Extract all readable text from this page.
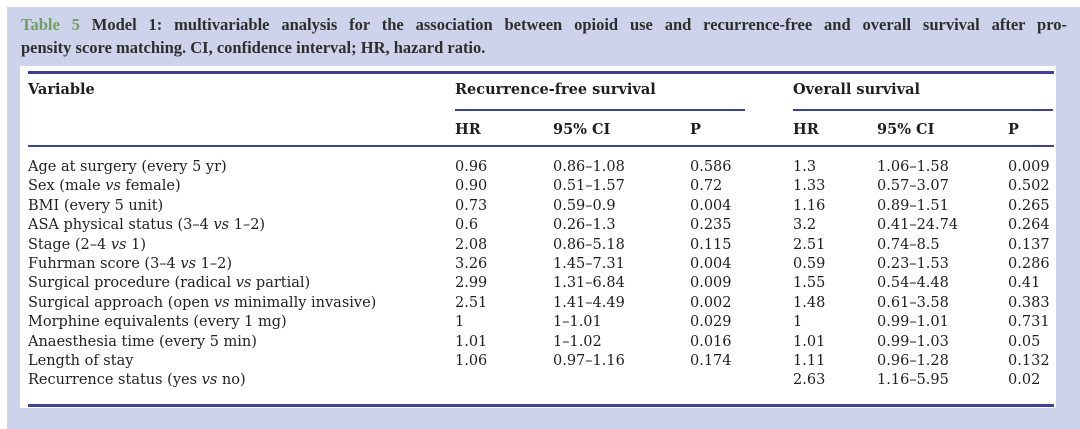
Table 5 Model 1: multivariable analysis for the association between opioid use and recurrence-free and overall survival after pro-
pensity score matching. CI, confidence interval; HR, hazard ratio.
Variable	Recurrence-free survival			Overall survival		

	HR	95% CI	P	HR	95% CI	P
Age at surgery (every 5 yr)	0.96	0.86–1.08	0.586	1.3	1.06–1.58	0.009
Sex (male vs female)	0.90	0.51–1.57	0.72	1.33	0.57–3.07	0.502
BMI (every 5 unit)	0.73	0.59–0.9	0.004	1.16	0.89–1.51	0.265
ASA physical status (3–4 vs 1–2)	0.6	0.26–1.3	0.235	3.2	0.41–24.74	0.264
Stage (2–4 vs 1)	2.08	0.86–5.18	0.115	2.51	0.74–8.5	0.137
Fuhrman score (3–4 vs 1–2)	3.26	1.45–7.31	0.004	0.59	0.23–1.53	0.286
Surgical procedure (radical vs partial)	2.99	1.31–6.84	0.009	1.55	0.54–4.48	0.41
Surgical approach (open vs minimally invasive)	2.51	1.41–4.49	0.002	1.48	0.61–3.58	0.383
Morphine equivalents (every 1 mg)	1	1–1.01	0.029	1	0.99–1.01	0.731
Anaesthesia time (every 5 min)	1.01	1–1.02	0.016	1.01	0.99–1.03	0.05
Length of stay	1.06	0.97–1.16	0.174	1.11	0.96–1.28	0.132
Recurrence status (yes vs no)				2.63	1.16–5.95	0.02
